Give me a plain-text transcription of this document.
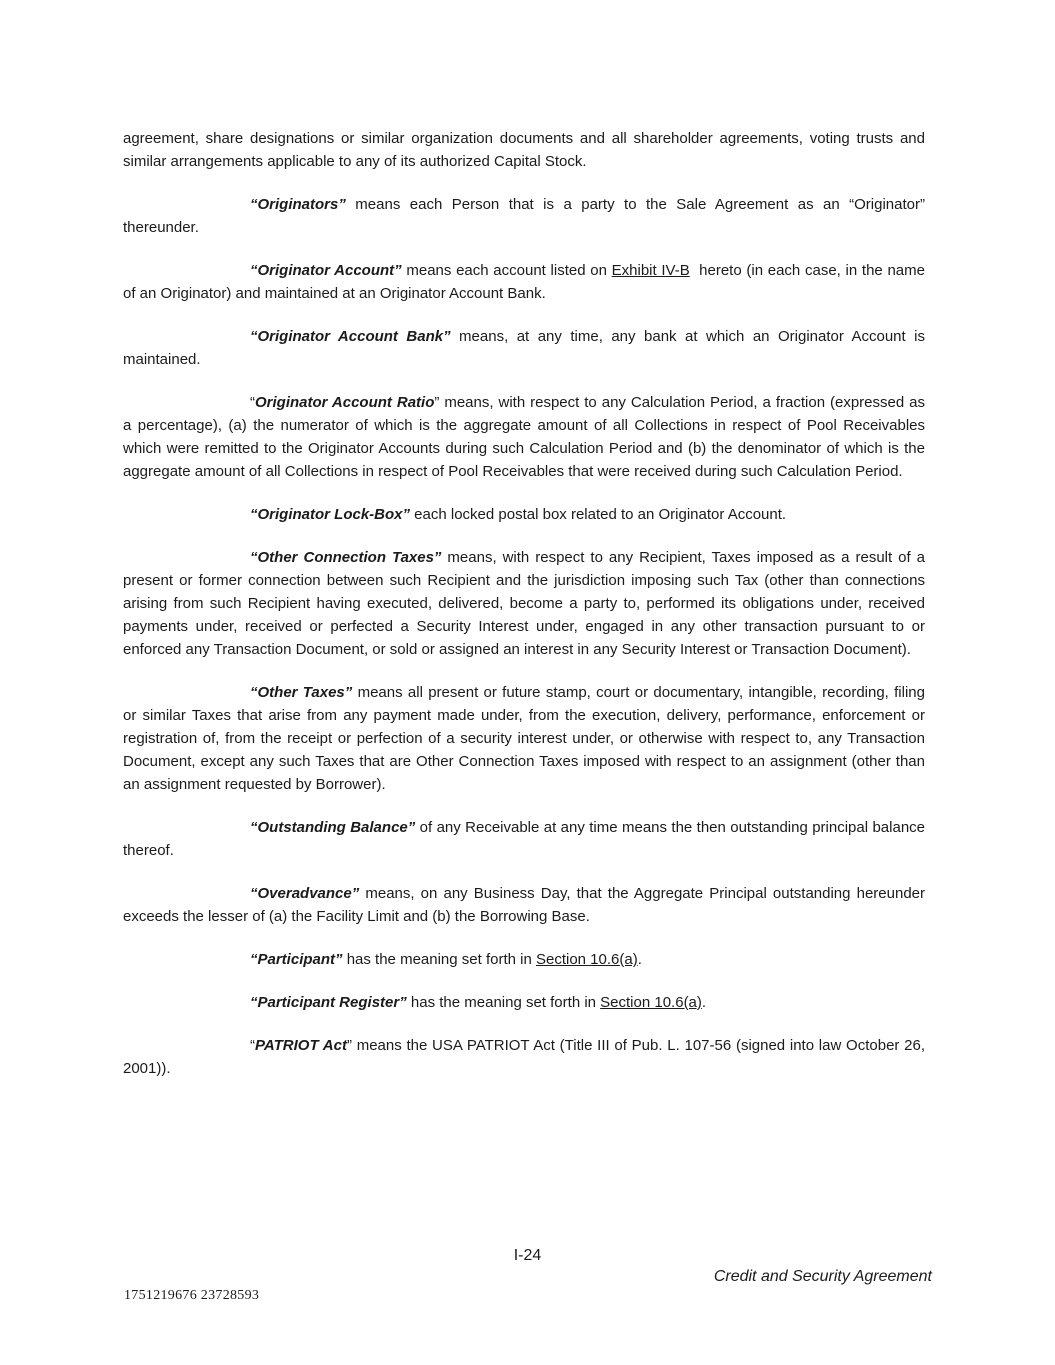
agreement, share designations or similar organization documents and all shareholder agreements, voting trusts and similar arrangements applicable to any of its authorized Capital Stock.

“Originators” means each Person that is a party to the Sale Agreement as an “Originator” thereunder.

“Originator Account” means each account listed on Exhibit IV-B  hereto (in each case, in the name of an Originator) and maintained at an Originator Account Bank.

“Originator Account Bank” means, at any time, any bank at which an Originator Account is maintained.

“Originator Account Ratio” means, with respect to any Calculation Period, a fraction (expressed as a percentage), (a) the numerator of which is the aggregate amount of all Collections in respect of Pool Receivables which were remitted to the Originator Accounts during such Calculation Period and (b) the denominator of which is the aggregate amount of all Collections in respect of Pool Receivables that were received during such Calculation Period.

“Originator Lock-Box” each locked postal box related to an Originator Account.

“Other Connection Taxes” means, with respect to any Recipient, Taxes imposed as a result of a present or former connection between such Recipient and the jurisdiction imposing such Tax (other than connections arising from such Recipient having executed, delivered, become a party to, performed its obligations under, received payments under, received or perfected a Security Interest under, engaged in any other transaction pursuant to or enforced any Transaction Document, or sold or assigned an interest in any Security Interest or Transaction Document).

“Other Taxes” means all present or future stamp, court or documentary, intangible, recording, filing or similar Taxes that arise from any payment made under, from the execution, delivery, performance, enforcement or registration of, from the receipt or perfection of a security interest under, or otherwise with respect to, any Transaction Document, except any such Taxes that are Other Connection Taxes imposed with respect to an assignment (other than an assignment requested by Borrower).

“Outstanding Balance” of any Receivable at any time means the then outstanding principal balance thereof.

“Overadvance” means, on any Business Day, that the Aggregate Principal outstanding hereunder exceeds the lesser of (a) the Facility Limit and (b) the Borrowing Base.

“Participant” has the meaning set forth in Section 10.6(a).

“Participant Register” has the meaning set forth in Section 10.6(a).

“PATRIOT Act” means the USA PATRIOT Act (Title III of Pub. L. 107-56 (signed into law October 26, 2001)).

I-24
Credit and Security Agreement
1751219676 23728593
